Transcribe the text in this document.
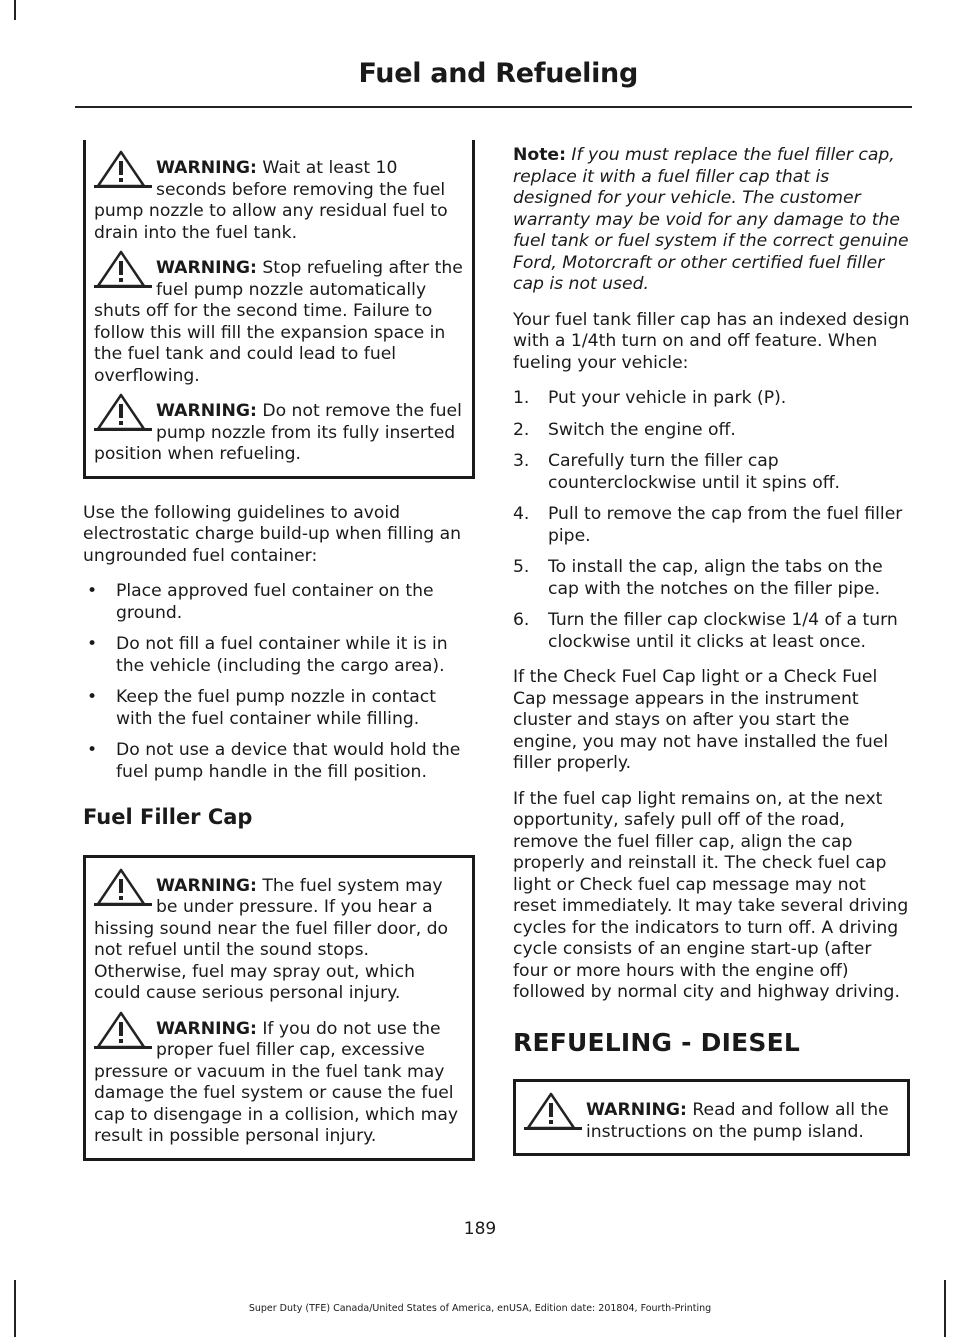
Fuel and Refueling
WARNING: Wait at least 10 seconds before removing the fuel pump nozzle to allow any residual fuel to drain into the fuel tank.
WARNING: Stop refueling after the fuel pump nozzle automatically shuts off for the second time. Failure to follow this will fill the expansion space in the fuel tank and could lead to fuel overflowing.
WARNING: Do not remove the fuel pump nozzle from its fully inserted position when refueling.

Use the following guidelines to avoid electrostatic charge build-up when filling an ungrounded fuel container:

• Place approved fuel container on the ground.
• Do not fill a fuel container while it is in the vehicle (including the cargo area).
• Keep the fuel pump nozzle in contact with the fuel container while filling.
• Do not use a device that would hold the fuel pump handle in the fill position.
Fuel Filler Cap
WARNING: The fuel system may be under pressure. If you hear a hissing sound near the fuel filler door, do not refuel until the sound stops. Otherwise, fuel may spray out, which could cause serious personal injury.
WARNING: If you do not use the proper fuel filler cap, excessive pressure or vacuum in the fuel tank may damage the fuel system or cause the fuel cap to disengage in a collision, which may result in possible personal injury.

Note: If you must replace the fuel filler cap, replace it with a fuel filler cap that is designed for your vehicle. The customer warranty may be void for any damage to the fuel tank or fuel system if the correct genuine Ford, Motorcraft or other certified fuel filler cap is not used.

Your fuel tank filler cap has an indexed design with a 1/4th turn on and off feature. When fueling your vehicle:

1. Put your vehicle in park (P).
2. Switch the engine off.
3. Carefully turn the filler cap counterclockwise until it spins off.
4. Pull to remove the cap from the fuel filler pipe.
5. To install the cap, align the tabs on the cap with the notches on the filler pipe.
6. Turn the filler cap clockwise 1/4 of a turn clockwise until it clicks at least once.

If the Check Fuel Cap light or a Check Fuel Cap message appears in the instrument cluster and stays on after you start the engine, you may not have installed the fuel filler properly.

If the fuel cap light remains on, at the next opportunity, safely pull off of the road, remove the fuel filler cap, align the cap properly and reinstall it. The check fuel cap light or Check fuel cap message may not reset immediately. It may take several driving cycles for the indicators to turn off. A driving cycle consists of an engine start-up (after four or more hours with the engine off) followed by normal city and highway driving.

REFUELING - DIESEL
WARNING: Read and follow all the instructions on the pump island.
189
Super Duty (TFE) Canada/United States of America, enUSA, Edition date: 201804, Fourth-Printing
